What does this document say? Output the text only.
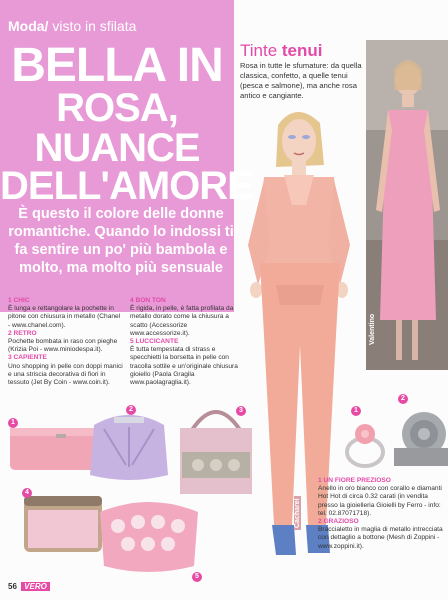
Moda/ visto in sfilata
BELLA IN
ROSA, NUANCE
DELL'AMORE
È questo il colore delle donne romantiche. Quando lo indossi ti fa sentire un po' più bambola e molto, ma molto più sensuale
Tinte tenui
Rosa in tutte le sfumature: da quella classica, confetto, a quelle tenui (pesca e salmone), ma anche rosa antico e cangiante.
Valentino
1 CHIC
È lunga e rettangolare la pochette in pitone con chiusura in metallo (Chanel - www.chanel.com).
2 RETRO
Pochette bombata in raso con pieghe (Krizia Poi - www.miniodespa.it).
3 CAPIENTE
Uno shopping in pelle con doppi manici e una striscia decorativa di fiori in tessuto (Jet By Coin - www.coin.it).
4 BON TON
È rigida, in pelle, è fatta profilata da metallo dorato come la chiusura a scatto (Accessorize www.accessorize.it).
5 LUCCICANTE
È tutta tempestata di strass e specchietti la borsetta in pelle con tracolla sottile e un'originale chiusura gioiello (Paola Gragila www.paolagraglia.it).
1
2	3
4
5
1
2
Cacharel
1 UN FIORE PREZIOSO
Anello in oro bianco con corallo e diamanti Hot Hot di circa 0.32 carati (in vendita presso la gioielleria Gioielli by Ferro - info: tel. 02.87071718).
2 GRAZIOSO
Braccialetto in maglia di metallo intrecciata con dettaglio a bottone (Mesh di Zoppini - www.zoppini.it).
56 VERO
